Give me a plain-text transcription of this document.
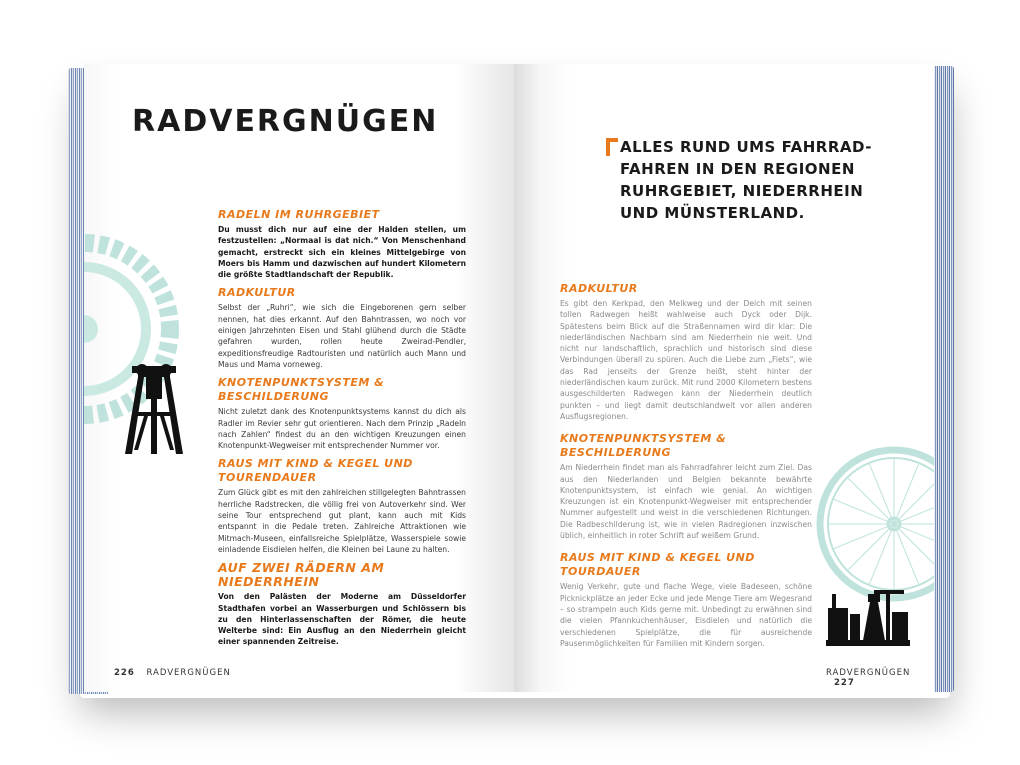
RADVERGNÜGEN
RADELN IM RUHRGEBIET

Du musst dich nur auf eine der Halden stellen, um festzustellen: „Normaal is dat nich.“ Von Menschenhand gemacht, erstreckt sich ein kleines Mittelgebirge von Moers bis Hamm und dazwischen auf hundert Kilometern die größte Stadtlandschaft der Republik.

RADKULTUR

Selbst der „Ruhri“, wie sich die Eingeborenen gern selber nennen, hat dies erkannt. Auf den Bahntrassen, wo noch vor einigen Jahrzehnten Eisen und Stahl glühend durch die Städte gefahren wurden, rollen heute Zweirad-Pendler, expeditionsfreudige Radtouristen und natürlich auch Mann und Maus und Mama vorneweg.

KNOTENPUNKTSYSTEM & BESCHILDERUNG

Nicht zuletzt dank des Knotenpunktsystems kannst du dich als Radler im Revier sehr gut orientieren. Nach dem Prinzip „Radeln nach Zahlen“ findest du an den wichtigen Kreuzungen einen Knotenpunkt-Wegweiser mit entsprechender Nummer vor.

RAUS MIT KIND & KEGEL UND TOURENDAUER

Zum Glück gibt es mit den zahlreichen stillgelegten Bahntrassen herrliche Radstrecken, die völlig frei von Autoverkehr sind. Wer seine Tour entsprechend gut plant, kann auch mit Kids entspannt in die Pedale treten. Zahlreiche Attraktionen wie Mitmach-Museen, einfallsreiche Spielplätze, Wasserspiele sowie einladende Eisdielen helfen, die Kleinen bei Laune zu halten.

AUF ZWEI RÄDERN AM NIEDERRHEIN

Von den Palästen der Moderne am Düsseldorfer Stadthafen vorbei an Wasserburgen und Schlössern bis zu den Hinterlassenschaften der Römer, die heute Welterbe sind: Ein Ausflug an den Niederrhein gleicht einer spannenden Zeitreise.

226 RADVERGNÜGEN
ALLES RUND UMS FAHRRAD-
FAHREN IN DEN REGIONEN
RUHRGEBIET, NIEDERRHEIN
UND MÜNSTERLAND.
RADKULTUR

Es gibt den Kerkpad, den Melkweg und der Deich mit seinen tollen Radwegen heißt wahlweise auch Dyck oder Dijk. Spätestens beim Blick auf die Straßennamen wird dir klar: Die niederländischen Nachbarn sind am Niederrhein nie weit. Und nicht nur landschaftlich, sprachlich und historisch sind diese Verbindungen überall zu spüren. Auch die Liebe zum „Fiets“, wie das Rad jenseits der Grenze heißt, steht hinter der niederländischen kaum zurück. Mit rund 2000 Kilometern bestens ausgeschilderten Radwegen kann der Niederrhein deutlich punkten – und liegt damit deutschlandweit vor allen anderen Ausflugsregionen.

KNOTENPUNKTSYSTEM & BESCHILDERUNG

Am Niederrhein findet man als Fahrradfahrer leicht zum Ziel. Das aus den Niederlanden und Belgien bekannte bewährte Knotenpunktsystem, ist einfach wie genial. An wichtigen Kreuzungen ist ein Knotenpunkt-Wegweiser mit entsprechender Nummer aufgestellt und weist in die verschiedenen Richtungen. Die Radbeschilderung ist, wie in vielen Radregionen inzwischen üblich, einheitlich in roter Schrift auf weißem Grund.

RAUS MIT KIND & KEGEL UND TOURDAUER

Wenig Verkehr, gute und flache Wege, viele Badeseen, schöne Picknickplätze an jeder Ecke und jede Menge Tiere am Wegesrand – so strampeln auch Kids gerne mit. Unbedingt zu erwähnen sind die vielen Pfannkuchenhäuser, Eisdielen und natürlich die verschiedenen Spielplätze, die für ausreichende Pausenmöglichkeiten für Familien mit Kindern sorgen.

RADVERGNÜGEN 227
